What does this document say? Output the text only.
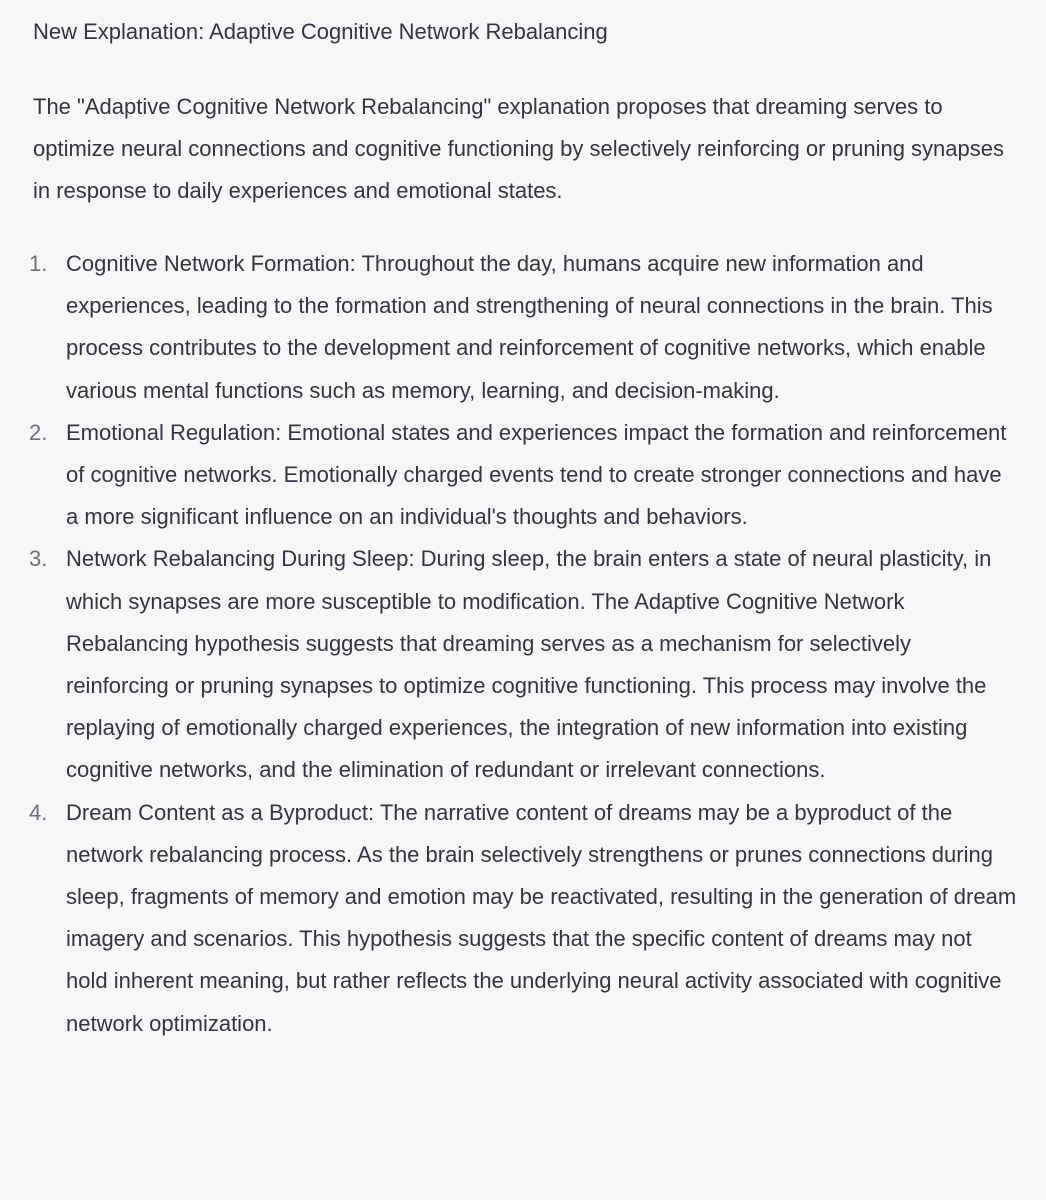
New Explanation: Adaptive Cognitive Network Rebalancing

The "Adaptive Cognitive Network Rebalancing" explanation proposes that dreaming serves to optimize neural connections and cognitive functioning by selectively reinforcing or pruning synapses in response to daily experiences and emotional states.

1. Cognitive Network Formation: Throughout the day, humans acquire new information and experiences, leading to the formation and strengthening of neural connections in the brain. This process contributes to the development and reinforcement of cognitive networks, which enable various mental functions such as memory, learning, and decision-making.
2. Emotional Regulation: Emotional states and experiences impact the formation and reinforcement of cognitive networks. Emotionally charged events tend to create stronger connections and have a more significant influence on an individual's thoughts and behaviors.
3. Network Rebalancing During Sleep: During sleep, the brain enters a state of neural plasticity, in which synapses are more susceptible to modification. The Adaptive Cognitive Network Rebalancing hypothesis suggests that dreaming serves as a mechanism for selectively reinforcing or pruning synapses to optimize cognitive functioning. This process may involve the replaying of emotionally charged experiences, the integration of new information into existing cognitive networks, and the elimination of redundant or irrelevant connections.
4. Dream Content as a Byproduct: The narrative content of dreams may be a byproduct of the network rebalancing process. As the brain selectively strengthens or prunes connections during sleep, fragments of memory and emotion may be reactivated, resulting in the generation of dream imagery and scenarios. This hypothesis suggests that the specific content of dreams may not hold inherent meaning, but rather reflects the underlying neural activity associated with cognitive network optimization.
